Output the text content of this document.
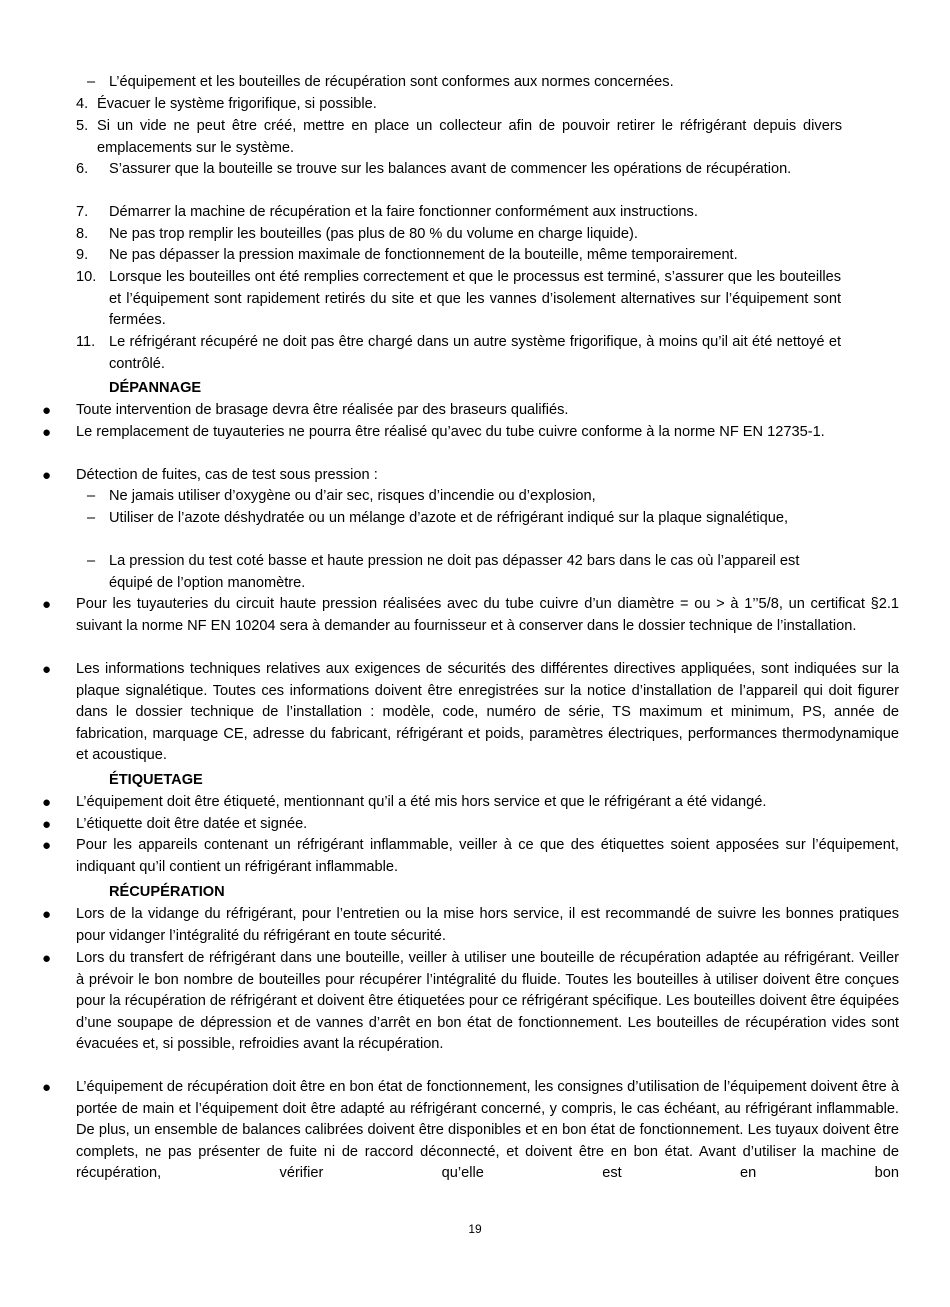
– L’équipement et les bouteilles de récupération sont conformes aux normes concernées.
4. Évacuer le système frigorifique, si possible.
5. Si un vide ne peut être créé, mettre en place un collecteur afin de pouvoir retirer le réfrigérant depuis divers emplacements sur le système.
6. S’assurer que la bouteille se trouve sur les balances avant de commencer les opérations de récupération.
7. Démarrer la machine de récupération et la faire fonctionner conformément aux instructions.
8. Ne pas trop remplir les bouteilles (pas plus de 80 % du volume en charge liquide).
9. Ne pas dépasser la pression maximale de fonctionnement de la bouteille, même temporairement.
10. Lorsque les bouteilles ont été remplies correctement et que le processus est terminé, s’assurer que les bouteilles et l’équipement sont rapidement retirés du site et que les vannes d’isolement alternatives sur l’équipement sont fermées.
11. Le réfrigérant récupéré ne doit pas être chargé dans un autre système frigorifique, à moins qu’il ait été nettoyé et contrôlé.
DÉPANNAGE
● Toute intervention de brasage devra être réalisée par des braseurs qualifiés.
● Le remplacement de tuyauteries ne pourra être réalisé qu’avec du tube cuivre conforme à la norme NF EN 12735-1.
● Détection de fuites, cas de test sous pression :
– Ne jamais utiliser d’oxygène ou d’air sec, risques d’incendie ou d’explosion,
– Utiliser de l’azote déshydratée ou un mélange d’azote et de réfrigérant indiqué sur la plaque signalétique,
– La pression du test coté basse et haute pression ne doit pas dépasser 42 bars dans le cas où l’appareil est équipé de l’option manomètre.
● Pour les tuyauteries du circuit haute pression réalisées avec du tube cuivre d’un diamètre = ou > à 1’’5/8, un certificat §2.1 suivant la norme NF EN 10204 sera à demander au fournisseur et à conserver dans le dossier technique de l’installation.
● Les informations techniques relatives aux exigences de sécurités des différentes directives appliquées, sont indiquées sur la plaque signalétique. Toutes ces informations doivent être enregistrées sur la notice d’installation de l’appareil qui doit figurer dans le dossier technique de l’installation : modèle, code, numéro de série, TS maximum et minimum, PS, année de fabrication, marquage CE, adresse du fabricant, réfrigérant et poids, paramètres électriques, performances thermodynamique et acoustique.
ÉTIQUETAGE
● L’équipement doit être étiqueté, mentionnant qu’il a été mis hors service et que le réfrigérant a été vidangé.
● L’étiquette doit être datée et signée.
● Pour les appareils contenant un réfrigérant inflammable, veiller à ce que des étiquettes soient apposées sur l’équipement, indiquant qu’il contient un réfrigérant inflammable.
RÉCUPÉRATION
● Lors de la vidange du réfrigérant, pour l’entretien ou la mise hors service, il est recommandé de suivre les bonnes pratiques pour vidanger l’intégralité du réfrigérant en toute sécurité.
● Lors du transfert de réfrigérant dans une bouteille, veiller à utiliser une bouteille de récupération adaptée au réfrigérant. Veiller à prévoir le bon nombre de bouteilles pour récupérer l’intégralité du fluide. Toutes les bouteilles à utiliser doivent être conçues pour la récupération de réfrigérant et doivent être étiquetées pour ce réfrigérant spécifique. Les bouteilles doivent être équipées d’une soupape de dépression et de vannes d’arrêt en bon état de fonctionnement. Les bouteilles de récupération vides sont évacuées et, si possible, refroidies avant la récupération.
● L’équipement de récupération doit être en bon état de fonctionnement, les consignes d’utilisation de l’équipement doivent être à portée de main et l’équipement doit être adapté au réfrigérant concerné, y compris, le cas échéant, au réfrigérant inflammable. De plus, un ensemble de balances calibrées doivent être disponibles et en bon état de fonctionnement. Les tuyaux doivent être complets, ne pas présenter de fuite ni de raccord déconnecté, et doivent être en bon état. Avant d’utiliser la machine de récupération, vérifier qu’elle est en bon
19
